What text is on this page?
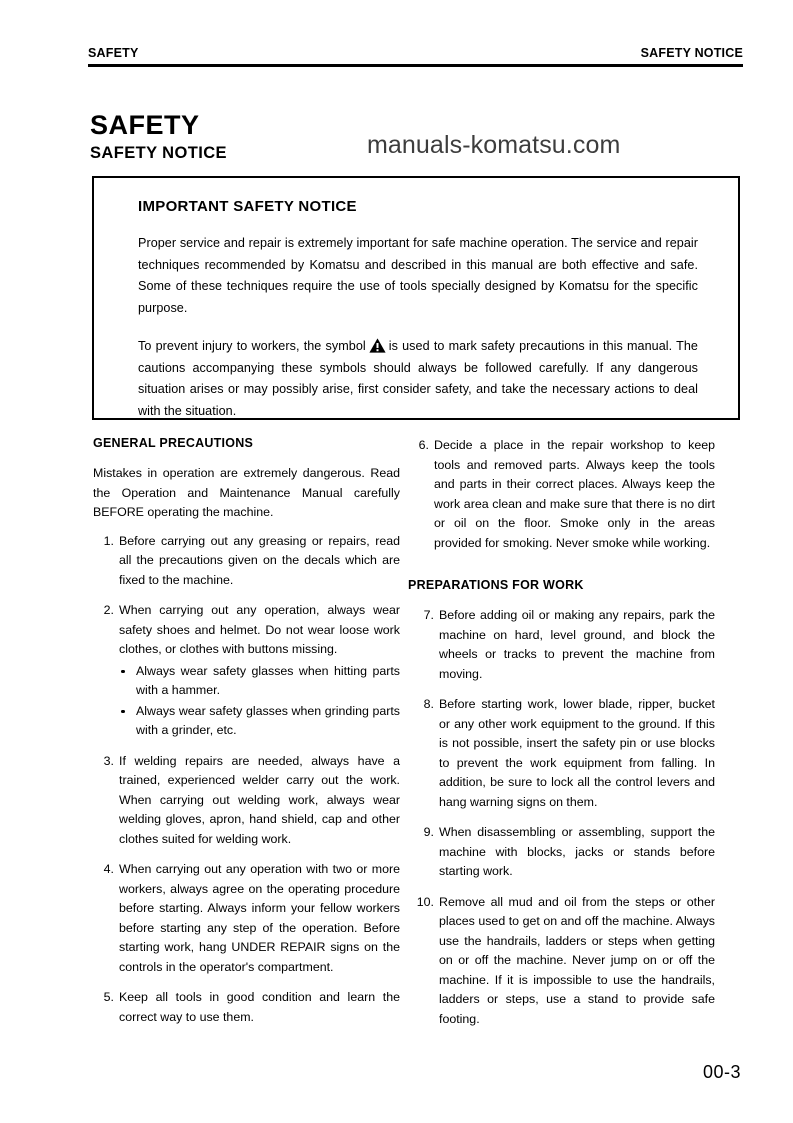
SAFETY	SAFETY NOTICE
SAFETY
SAFETY NOTICE	manuals-komatsu.com
IMPORTANT SAFETY NOTICE

Proper service and repair is extremely important for safe machine operation. The service and repair techniques recommended by Komatsu and described in this manual are both effective and safe. Some of these techniques require the use of tools specially designed by Komatsu for the specific purpose.

To prevent injury to workers, the symbol is used to mark safety precautions in this manual. The cautions accompanying these symbols should always be followed carefully. If any dangerous situation arises or may possibly arise, first consider safety, and take the necessary actions to deal with the situation.

GENERAL PRECAUTIONS

Mistakes in operation are extremely dangerous. Read the Operation and Maintenance Manual carefully BEFORE operating the machine.

1. Before carrying out any greasing or repairs, read all the precautions given on the decals which are fixed to the machine.
2. When carrying out any operation, always wear safety shoes and helmet. Do not wear loose work clothes, or clothes with buttons missing.
Always wear safety glasses when hitting parts with a hammer.
Always wear safety glasses when grinding parts with a grinder, etc.
3. If welding repairs are needed, always have a trained, experienced welder carry out the work. When carrying out welding work, always wear welding gloves, apron, hand shield, cap and other clothes suited for welding work.
4. When carrying out any operation with two or more workers, always agree on the operating procedure before starting. Always inform your fellow workers before starting any step of the operation. Before starting work, hang UNDER REPAIR signs on the controls in the operator's compartment.
5. Keep all tools in good condition and learn the correct way to use them.
6. Decide a place in the repair workshop to keep tools and removed parts. Always keep the tools and parts in their correct places. Always keep the work area clean and make sure that there is no dirt or oil on the floor. Smoke only in the areas provided for smoking. Never smoke while working.
PREPARATIONS FOR WORK
7. Before adding oil or making any repairs, park the machine on hard, level ground, and block the wheels or tracks to prevent the machine from moving.
8. Before starting work, lower blade, ripper, bucket or any other work equipment to the ground. If this is not possible, insert the safety pin or use blocks to prevent the work equipment from falling. In addition, be sure to lock all the control levers and hang warning signs on them.
9. When disassembling or assembling, support the machine with blocks, jacks or stands before starting work.
10. Remove all mud and oil from the steps or other places used to get on and off the machine. Always use the handrails, ladders or steps when getting on or off the machine. Never jump on or off the machine. If it is impossible to use the handrails, ladders or steps, use a stand to provide safe footing.
00-3
